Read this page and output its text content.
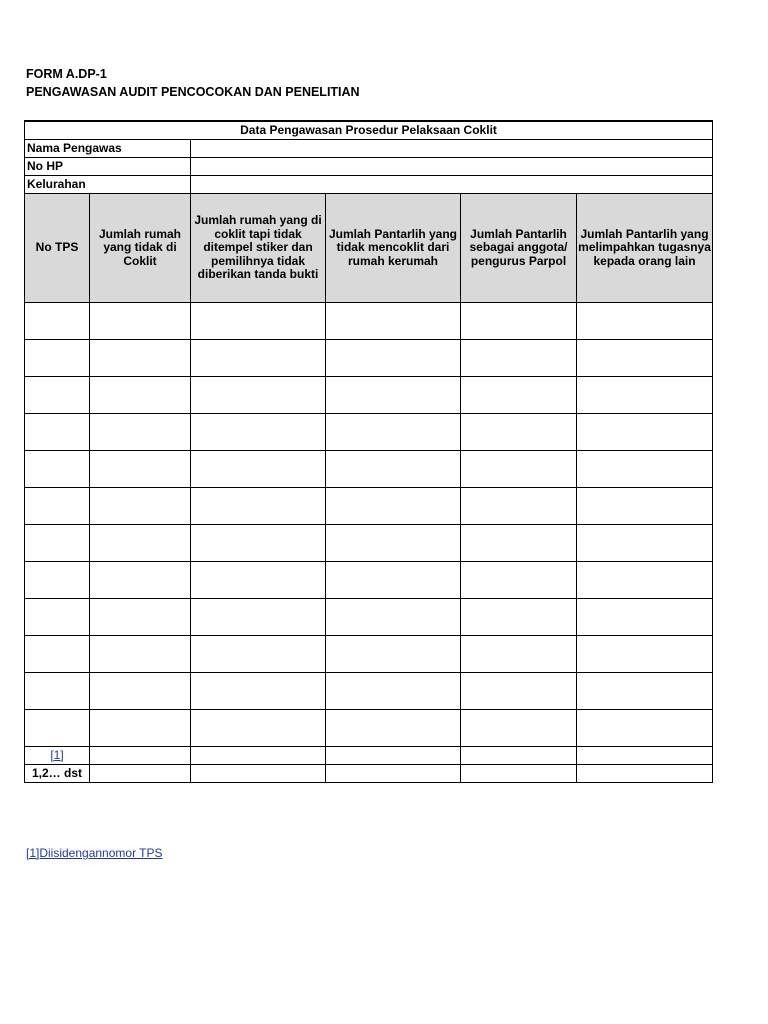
FORM A.DP-1
PENGAWASAN AUDIT PENCOCOKAN DAN PENELITIAN
Data Pengawasan Prosedur Pelaksaan Coklit					
Nama Pengawas					
No HP					
Kelurahan					
No TPS	Jumlah rumah yang tidak di Coklit	Jumlah rumah yang di coklit tapi tidak ditempel stiker dan pemilihnya tidak diberikan tanda bukti	Jumlah Pantarlih yang tidak mencoklit dari rumah kerumah	Jumlah Pantarlih sebagai anggota/ pengurus Parpol	Jumlah Pantarlih yang melimpahkan tugasnya kepada orang lain

[1]					
1,2… dst					
[1]Diisidengannomor TPS
